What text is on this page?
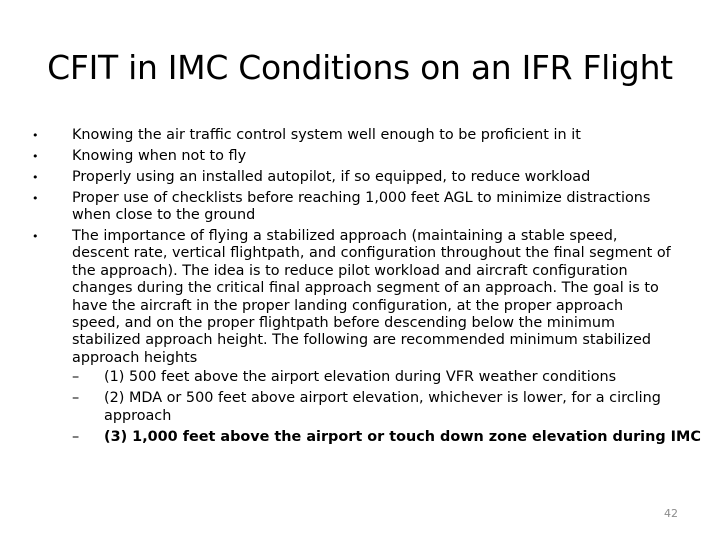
CFIT in IMC Conditions on an IFR Flight
• Knowing the air traffic control system well enough to be proficient in it
• Knowing when not to fly
• Properly using an installed autopilot, if so equipped, to reduce workload
• Proper use of checklists before reaching 1,000 feet AGL to minimize distractions
when close to the ground
• The importance of flying a stabilized approach (maintaining a stable speed,
descent rate, vertical flightpath, and configuration throughout the final segment of
the approach). The idea is to reduce pilot workload and aircraft configuration
changes during the critical final approach segment of an approach. The goal is to
have the aircraft in the proper landing configuration, at the proper approach
speed, and on the proper flightpath before descending below the minimum
stabilized approach height. The following are recommended minimum stabilized
approach heights
– (1) 500 feet above the airport elevation during VFR weather conditions
– (2) MDA or 500 feet above airport elevation, whichever is lower, for a circling
approach
– (3) 1,000 feet above the airport or touch down zone elevation during IMC
42
